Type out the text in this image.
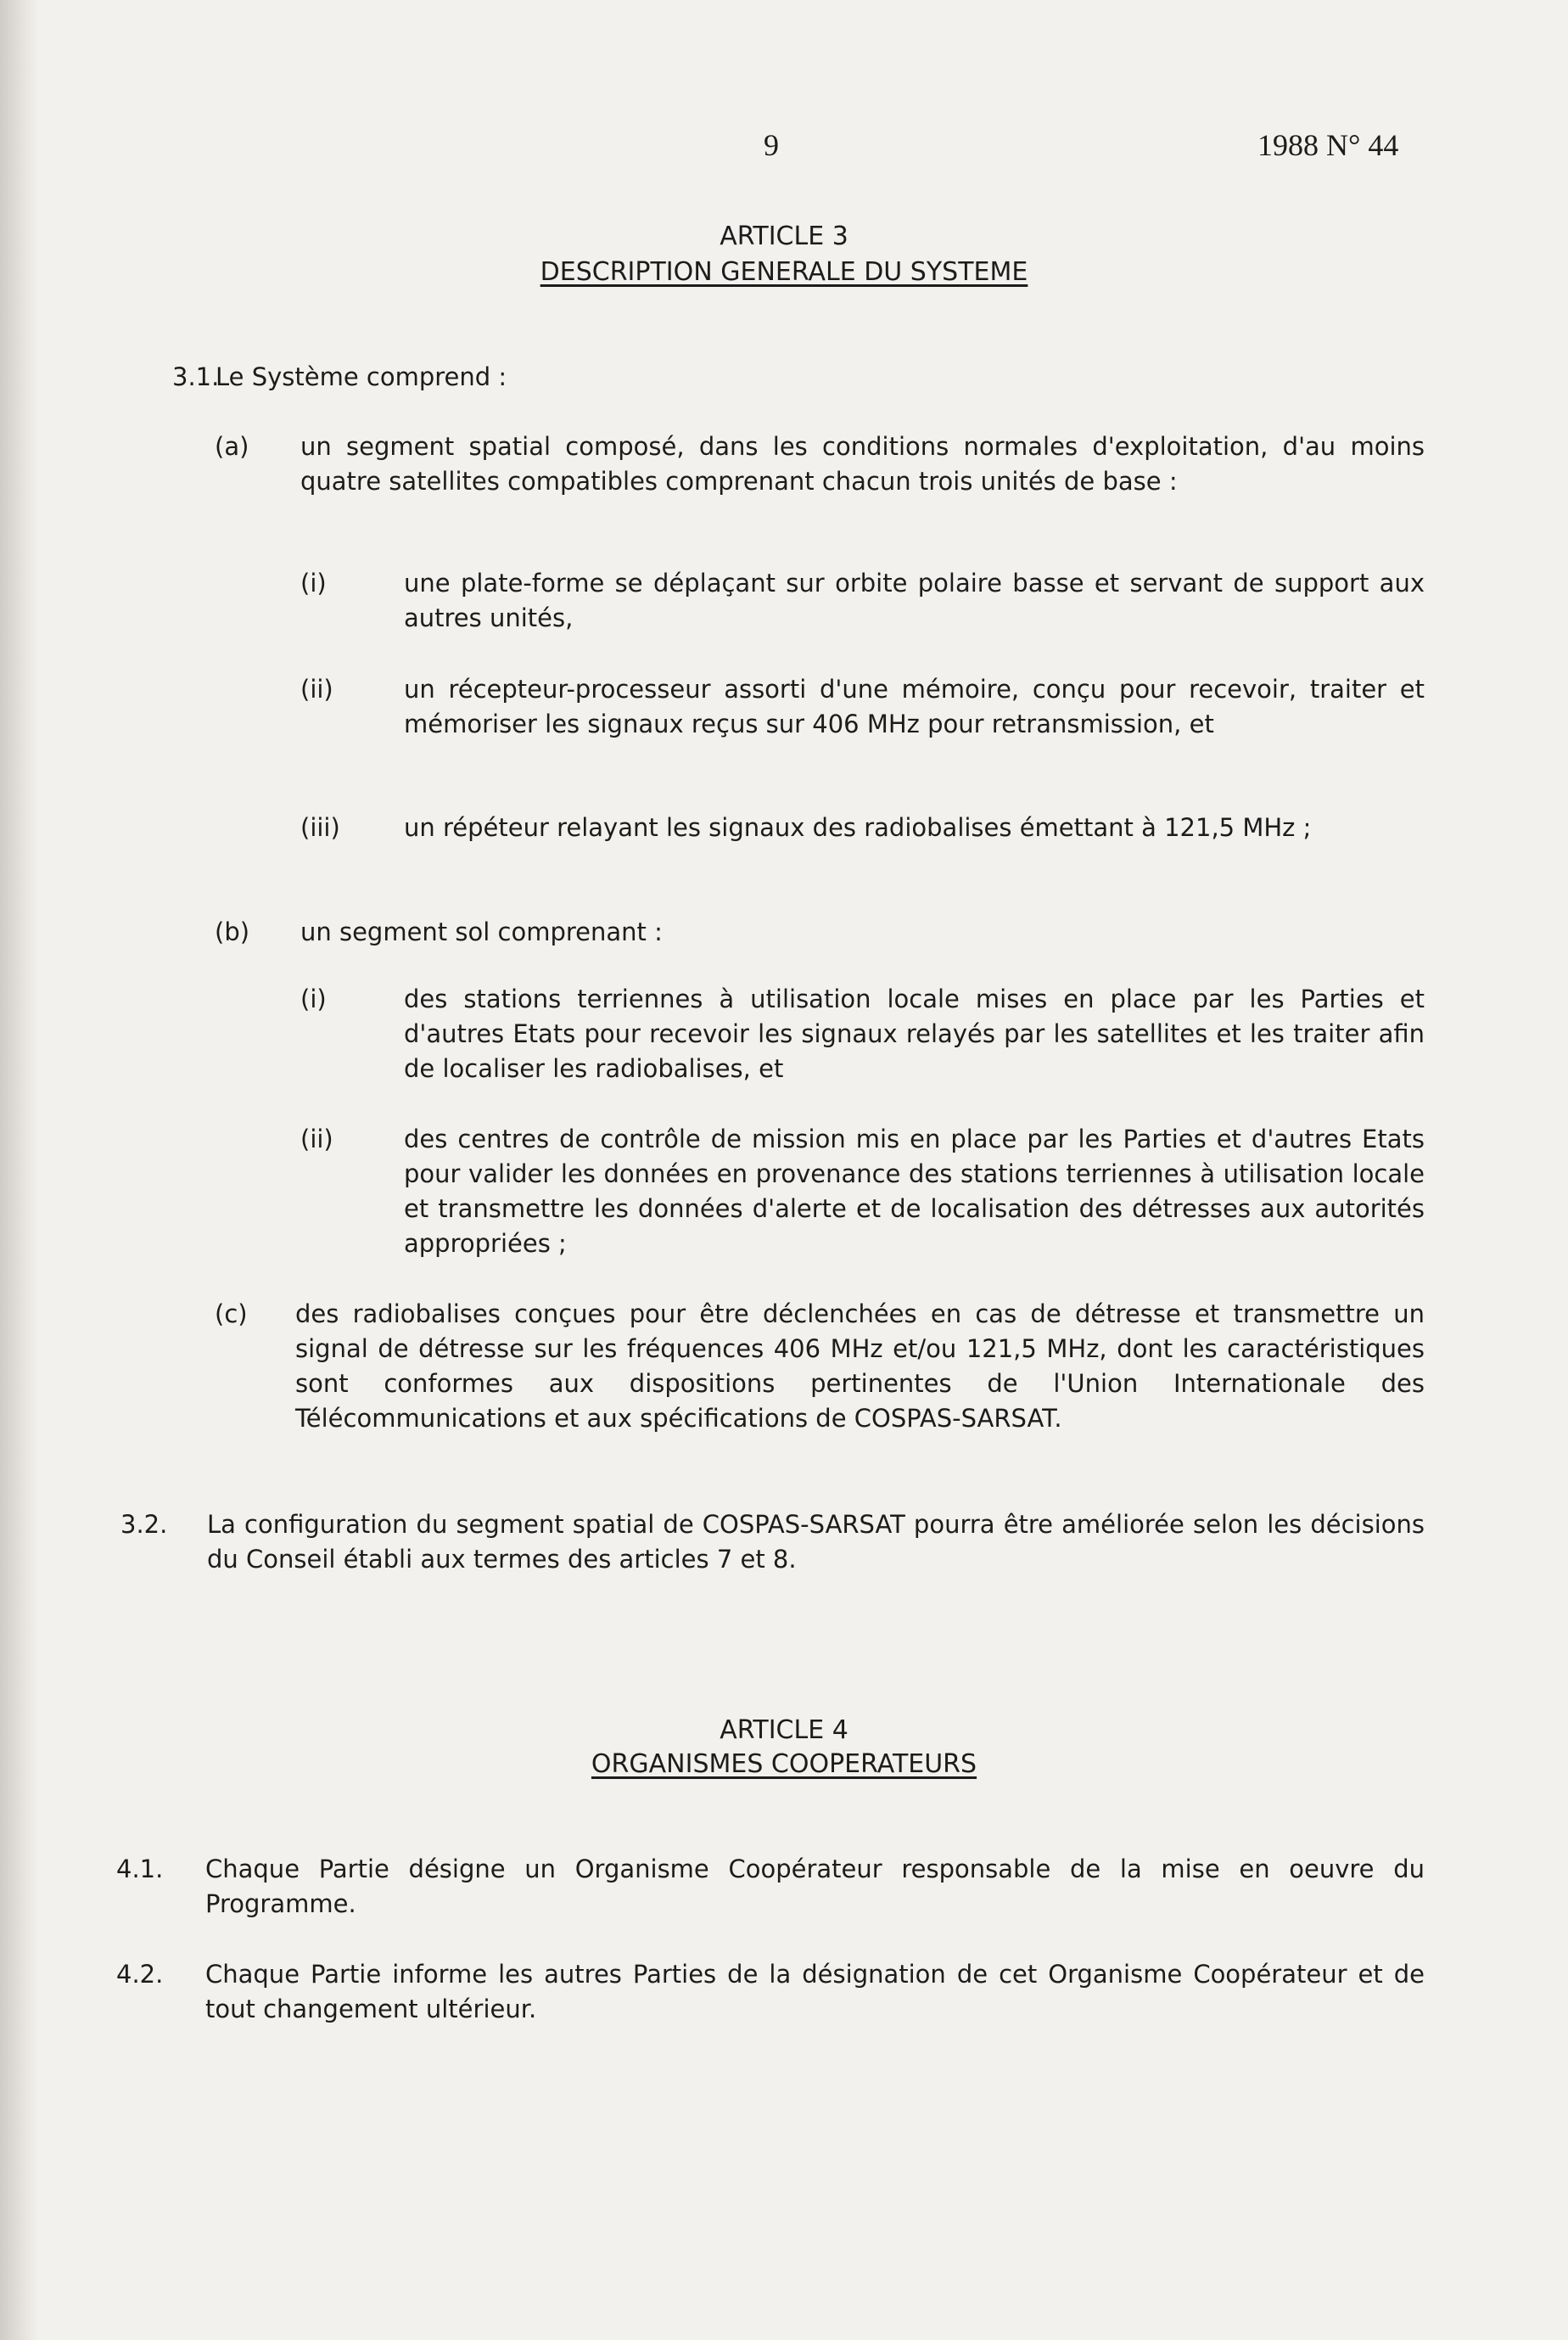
9	1988 N° 44
ARTICLE 3
DESCRIPTION GENERALE DU SYSTEME
3.1.
Le Système comprend :
(a) un segment spatial composé, dans les conditions normales d'exploitation, d'au moins quatre satellites compatibles comprenant chacun trois unités de base :

(i)	une plate-forme se déplaçant sur orbite polaire basse et servant de support aux autres unités,

(ii)	un récepteur-processeur assorti d'une mémoire, conçu pour recevoir, traiter et mémoriser les signaux reçus sur 406 MHz pour retransmission, et

(iii)	un répéteur relayant les signaux des radiobalises émettant à 121,5 MHz ;

(b) un segment sol comprenant :
(i)	des stations terriennes à utilisation locale mises en place par les Parties et d'autres Etats pour recevoir les signaux relayés par les satellites et les traiter afin de localiser les radiobalises, et

(ii)	des centres de contrôle de mission mis en place par les Parties et d'autres Etats pour valider les données en provenance des stations terriennes à utilisation locale et transmettre les données d'alerte et de localisation des détresses aux autorités appropriées ;

(c) des radiobalises conçues pour être déclenchées en cas de détresse et transmettre un signal de détresse sur les fréquences 406 MHz et/ou 121,5 MHz, dont les caractéristiques sont conformes aux dispositions pertinentes de l'Union Internationale des Télécommunications et aux spécifications de COSPAS-SARSAT.

3.2. La configuration du segment spatial de COSPAS-SARSAT pourra être améliorée selon les décisions du Conseil établi aux termes des articles 7 et 8.

ARTICLE 4
ORGANISMES COOPERATEURS
4.1. Chaque Partie désigne un Organisme Coopérateur responsable de la mise en oeuvre du Programme.

4.2. Chaque Partie informe les autres Parties de la désignation de cet Organisme Coopérateur et de tout changement ultérieur.
